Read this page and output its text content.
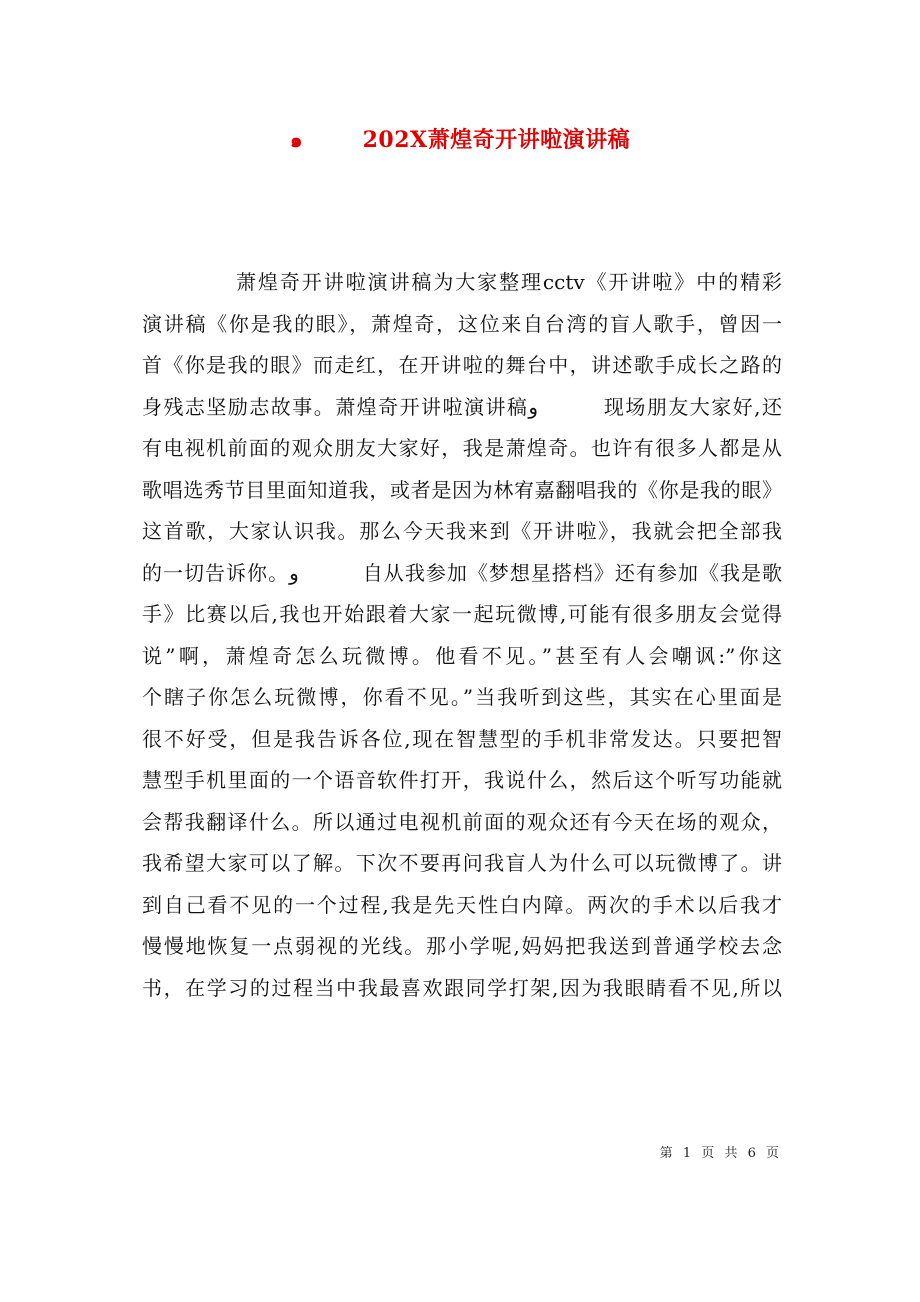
๑	202X萧煌奇开讲啦演讲稿
萧煌奇开讲啦演讲稿为大家整理cctv《开讲啦》中的精彩
演讲稿《你是我的眼》，萧煌奇，这位来自台湾的盲人歌手，曾因一
首《你是我的眼》而走红，在开讲啦的舞台中，讲述歌手成长之路的
身残志坚励志故事。萧煌奇开讲啦演讲稿ﻭ　　　现场朋友大家好,还
有电视机前面的观众朋友大家好，我是萧煌奇。也许有很多人都是从
歌唱选秀节目里面知道我，或者是因为林宥嘉翻唱我的《你是我的眼》
这首歌，大家认识我。那么今天我来到《开讲啦》，我就会把全部我
的一切告诉你。ﻭ　　　自从我参加《梦想星搭档》还有参加《我是歌
手》比赛以后,我也开始跟着大家一起玩微博,可能有很多朋友会觉得
说”啊，萧煌奇怎么玩微博。他看不见。”甚至有人会嘲讽:”你这
个瞎子你怎么玩微博，你看不见。”当我听到这些，其实在心里面是
很不好受，但是我告诉各位,现在智慧型的手机非常发达。只要把智
慧型手机里面的一个语音软件打开，我说什么，然后这个听写功能就
会帮我翻译什么。所以通过电视机前面的观众还有今天在场的观众，
我希望大家可以了解。下次不要再问我盲人为什么可以玩微博了。讲
到自己看不见的一个过程,我是先天性白内障。两次的手术以后我才
慢慢地恢复一点弱视的光线。那小学呢,妈妈把我送到普通学校去念
书，在学习的过程当中我最喜欢跟同学打架,因为我眼睛看不见,所以
第 1 页 共 6 页
